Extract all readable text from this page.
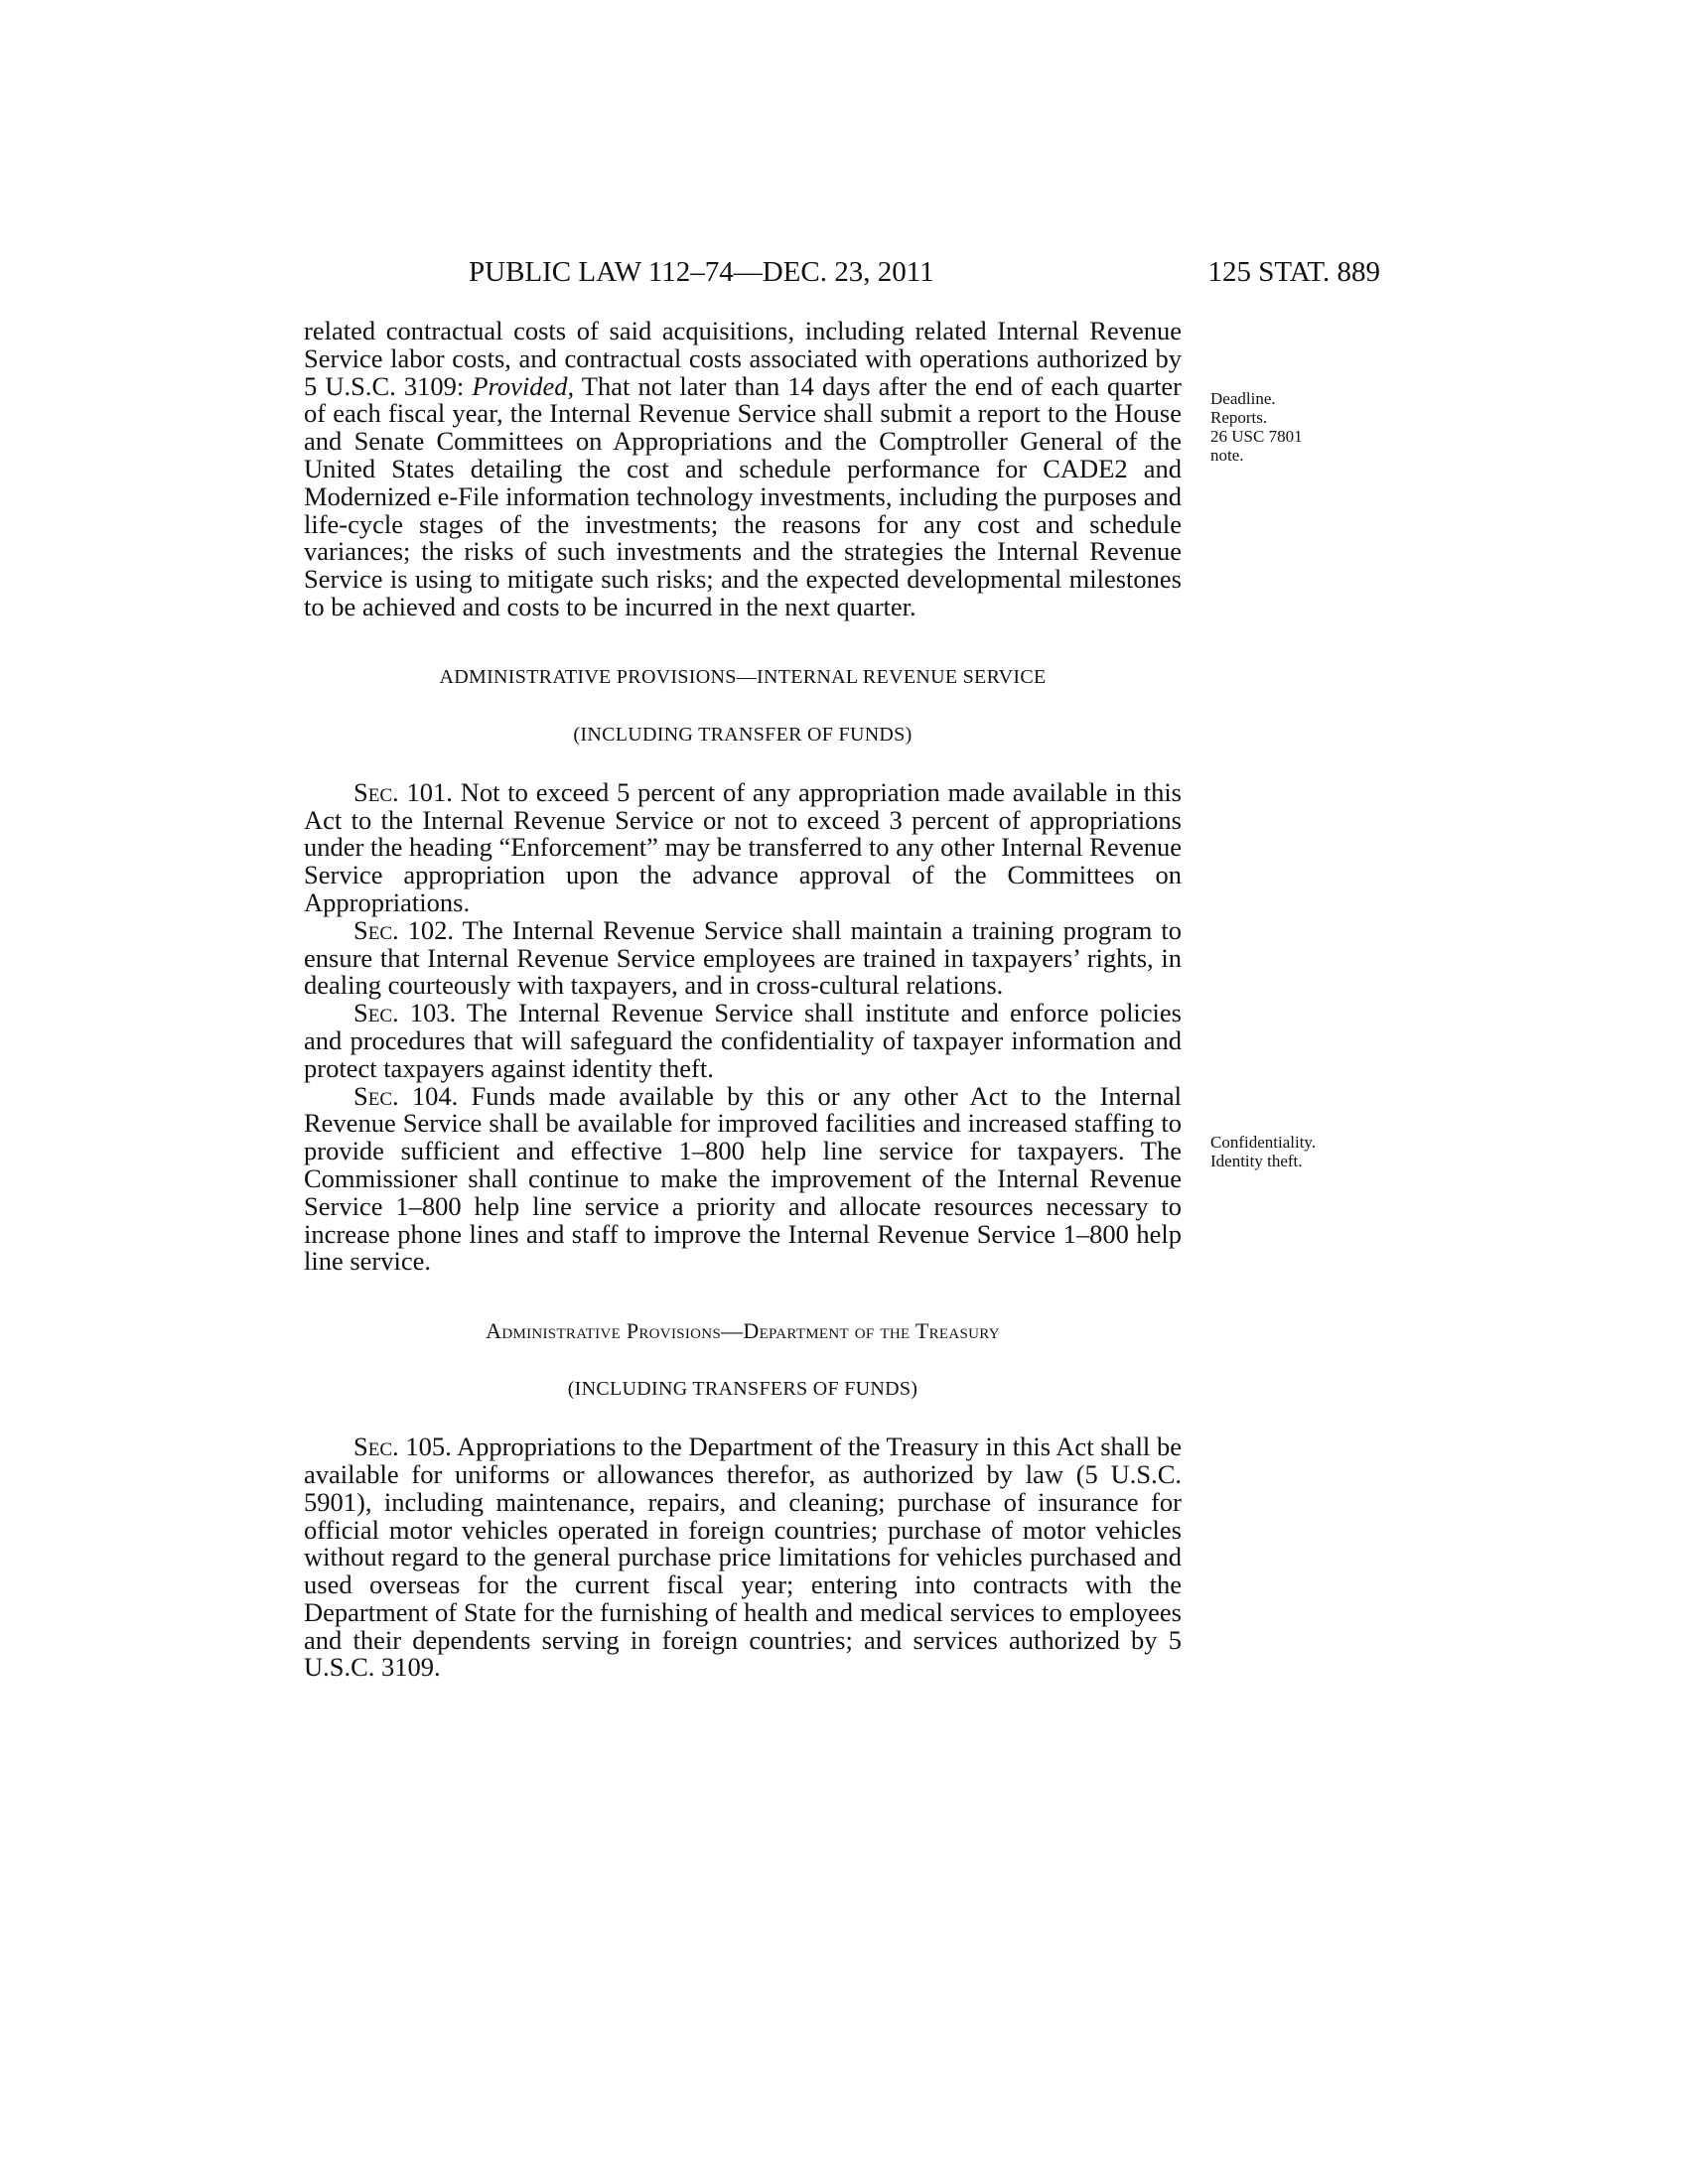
PUBLIC LAW 112–74—DEC. 23, 2011	125 STAT. 889

related contractual costs of said acquisitions, including related Internal Revenue Service labor costs, and contractual costs associated with operations authorized by 5 U.S.C. 3109: Provided, That not later than 14 days after the end of each quarter of each fiscal year, the Internal Revenue Service shall submit a report to the House and Senate Committees on Appropriations and the Comptroller General of the United States detailing the cost and schedule performance for CADE2 and Modernized e-File information technology investments, including the purposes and life-cycle stages of the investments; the reasons for any cost and schedule variances; the risks of such investments and the strategies the Internal Revenue Service is using to mitigate such risks; and the expected developmental milestones to be achieved and costs to be incurred in the next quarter.

ADMINISTRATIVE PROVISIONS—INTERNAL REVENUE SERVICE

(INCLUDING TRANSFER OF FUNDS)

Sec. 101. Not to exceed 5 percent of any appropriation made available in this Act to the Internal Revenue Service or not to exceed 3 percent of appropriations under the heading “Enforcement” may be transferred to any other Internal Revenue Service appropriation upon the advance approval of the Committees on Appropriations.

Sec. 102. The Internal Revenue Service shall maintain a training program to ensure that Internal Revenue Service employees are trained in taxpayers’ rights, in dealing courteously with taxpayers, and in cross-cultural relations.

Sec. 103. The Internal Revenue Service shall institute and enforce policies and procedures that will safeguard the confidentiality of taxpayer information and protect taxpayers against identity theft.

Sec. 104. Funds made available by this or any other Act to the Internal Revenue Service shall be available for improved facilities and increased staffing to provide sufficient and effective 1–800 help line service for taxpayers. The Commissioner shall continue to make the improvement of the Internal Revenue Service 1–800 help line service a priority and allocate resources necessary to increase phone lines and staff to improve the Internal Revenue Service 1–800 help line service.

Administrative Provisions—Department of the Treasury

(INCLUDING TRANSFERS OF FUNDS)

Sec. 105. Appropriations to the Department of the Treasury in this Act shall be available for uniforms or allowances therefor, as authorized by law (5 U.S.C. 5901), including maintenance, repairs, and cleaning; purchase of insurance for official motor vehicles operated in foreign countries; purchase of motor vehicles without regard to the general purchase price limitations for vehicles purchased and used overseas for the current fiscal year; entering into contracts with the Department of State for the furnishing of health and medical services to employees and their dependents serving in foreign countries; and services authorized by 5 U.S.C. 3109.

Deadline.
Reports.
26 USC 7801
note.
Confidentiality.
Identity theft.
